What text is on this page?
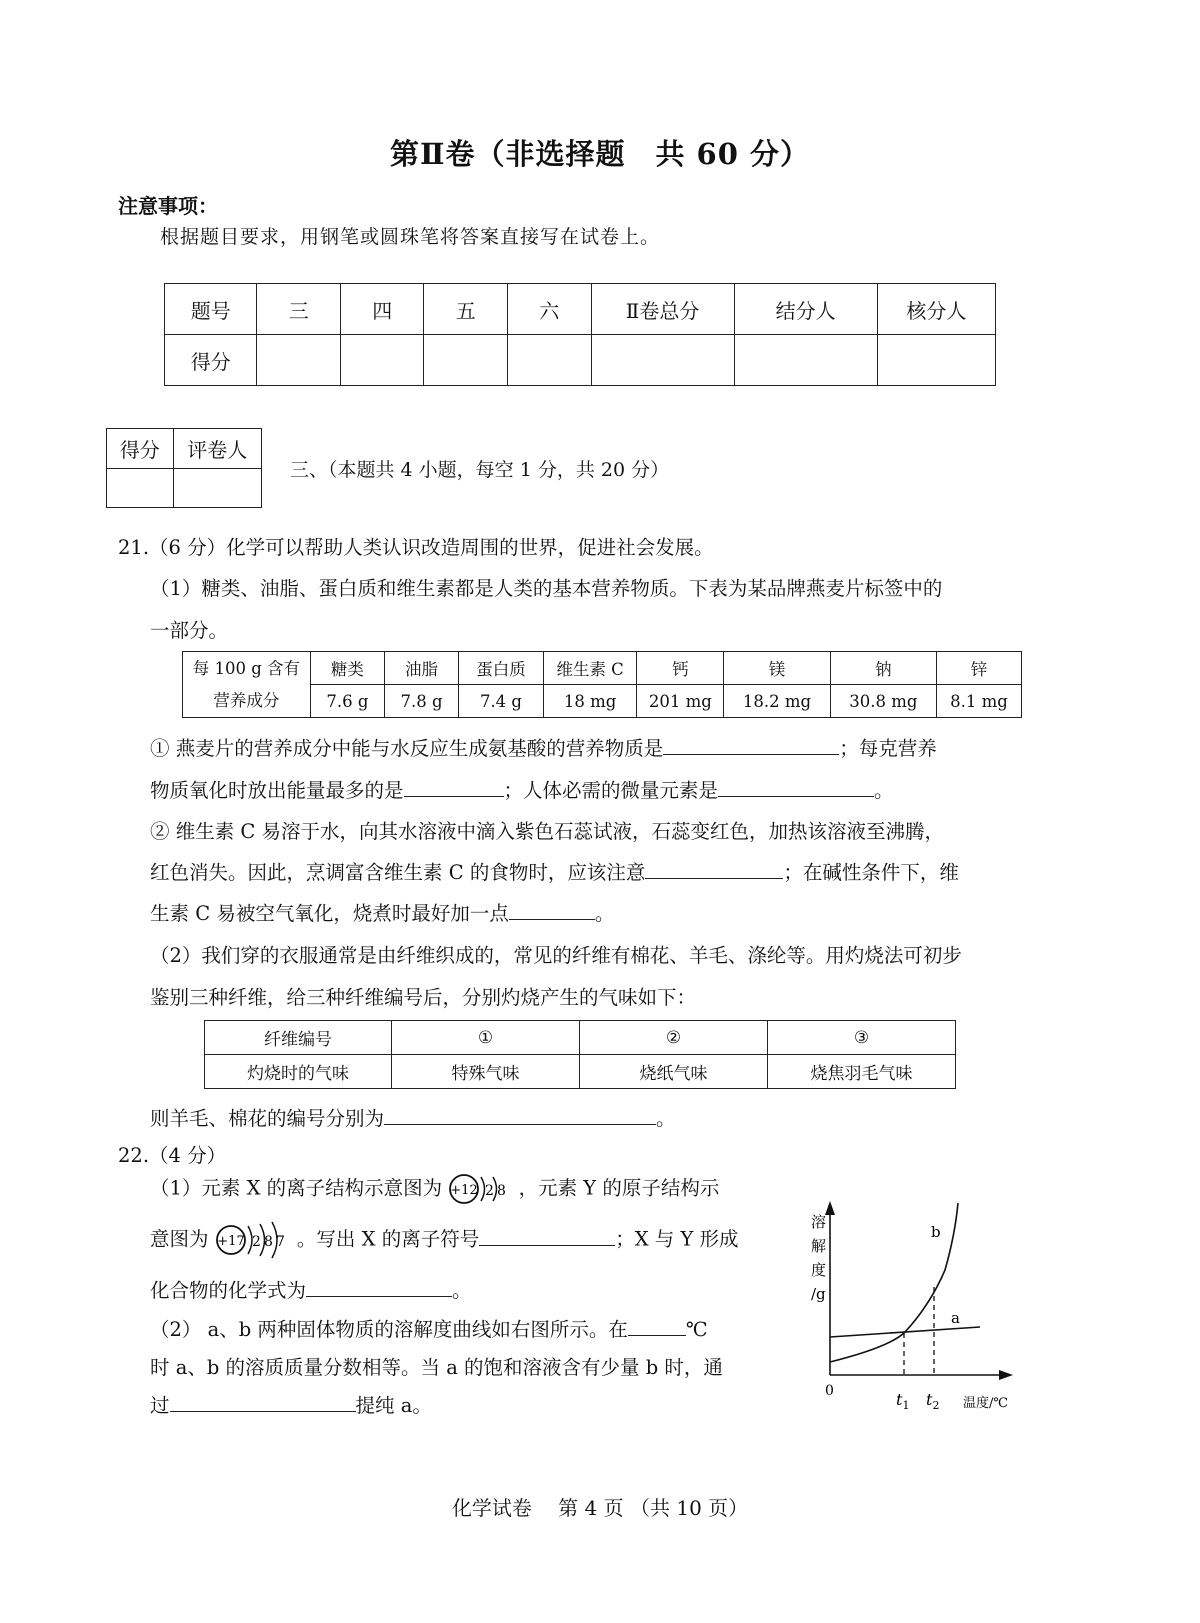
第Ⅱ卷（非选择题　共 60 分）
注意事项：
根据题目要求，用钢笔或圆珠笔将答案直接写在试卷上。
题号	三	四	五	六	Ⅱ卷总分	结分人	核分人
得分							
得分	评卷人

三、（本题共 4 小题，每空 1 分，共 20 分）
21.（6 分）化学可以帮助人类认识改造周围的世界，促进社会发展。
（1）糖类、油脂、蛋白质和维生素都是人类的基本营养物质。下表为某品牌燕麦片标签中的
一部分。
每 100 g 含有
营养成分	糖类	油脂	蛋白质	维生素 C	钙	镁	钠	锌
	7.6 g	7.8 g	7.4 g	18 mg	201 mg	18.2 mg	30.8 mg	8.1 mg
① 燕麦片的营养成分中能与水反应生成氨基酸的营养物质是	；每克营养
物质氧化时放出能量最多的是	；人体必需的微量元素是	。
② 维生素 C 易溶于水，向其水溶液中滴入紫色石蕊试液，石蕊变红色，加热该溶液至沸腾，
红色消失。因此，烹调富含维生素 C 的食物时，应该注意	；在碱性条件下，维
生素 C 易被空气氧化，烧煮时最好加一点	。
（2）我们穿的衣服通常是由纤维织成的，常见的纤维有棉花、羊毛、涤纶等。用灼烧法可初步
鉴别三种纤维，给三种纤维编号后，分别灼烧产生的气味如下：
纤维编号	①	②	③
灼烧时的气味	特殊气味	烧纸气味	烧焦羽毛气味
则羊毛、棉花的编号分别为	。
22.（4 分）
（1）元素 X 的离子结构示意图为 +12 2 8 ，元素 Y 的原子结构示
意图为 +17 2 8 7 。写出 X 的离子符号	；X 与 Y 形成
化合物的化学式为	。
（2） a、b 两种固体物质的溶解度曲线如右图所示。在	℃
时 a、b 的溶质质量分数相等。当 a 的饱和溶液含有少量 b 时，通
过	提纯 a。
溶
解
度
/g
0
b
a
$t_1$ $t_2$ 温度/℃
化学试卷　 第 4 页 （共 10 页）
